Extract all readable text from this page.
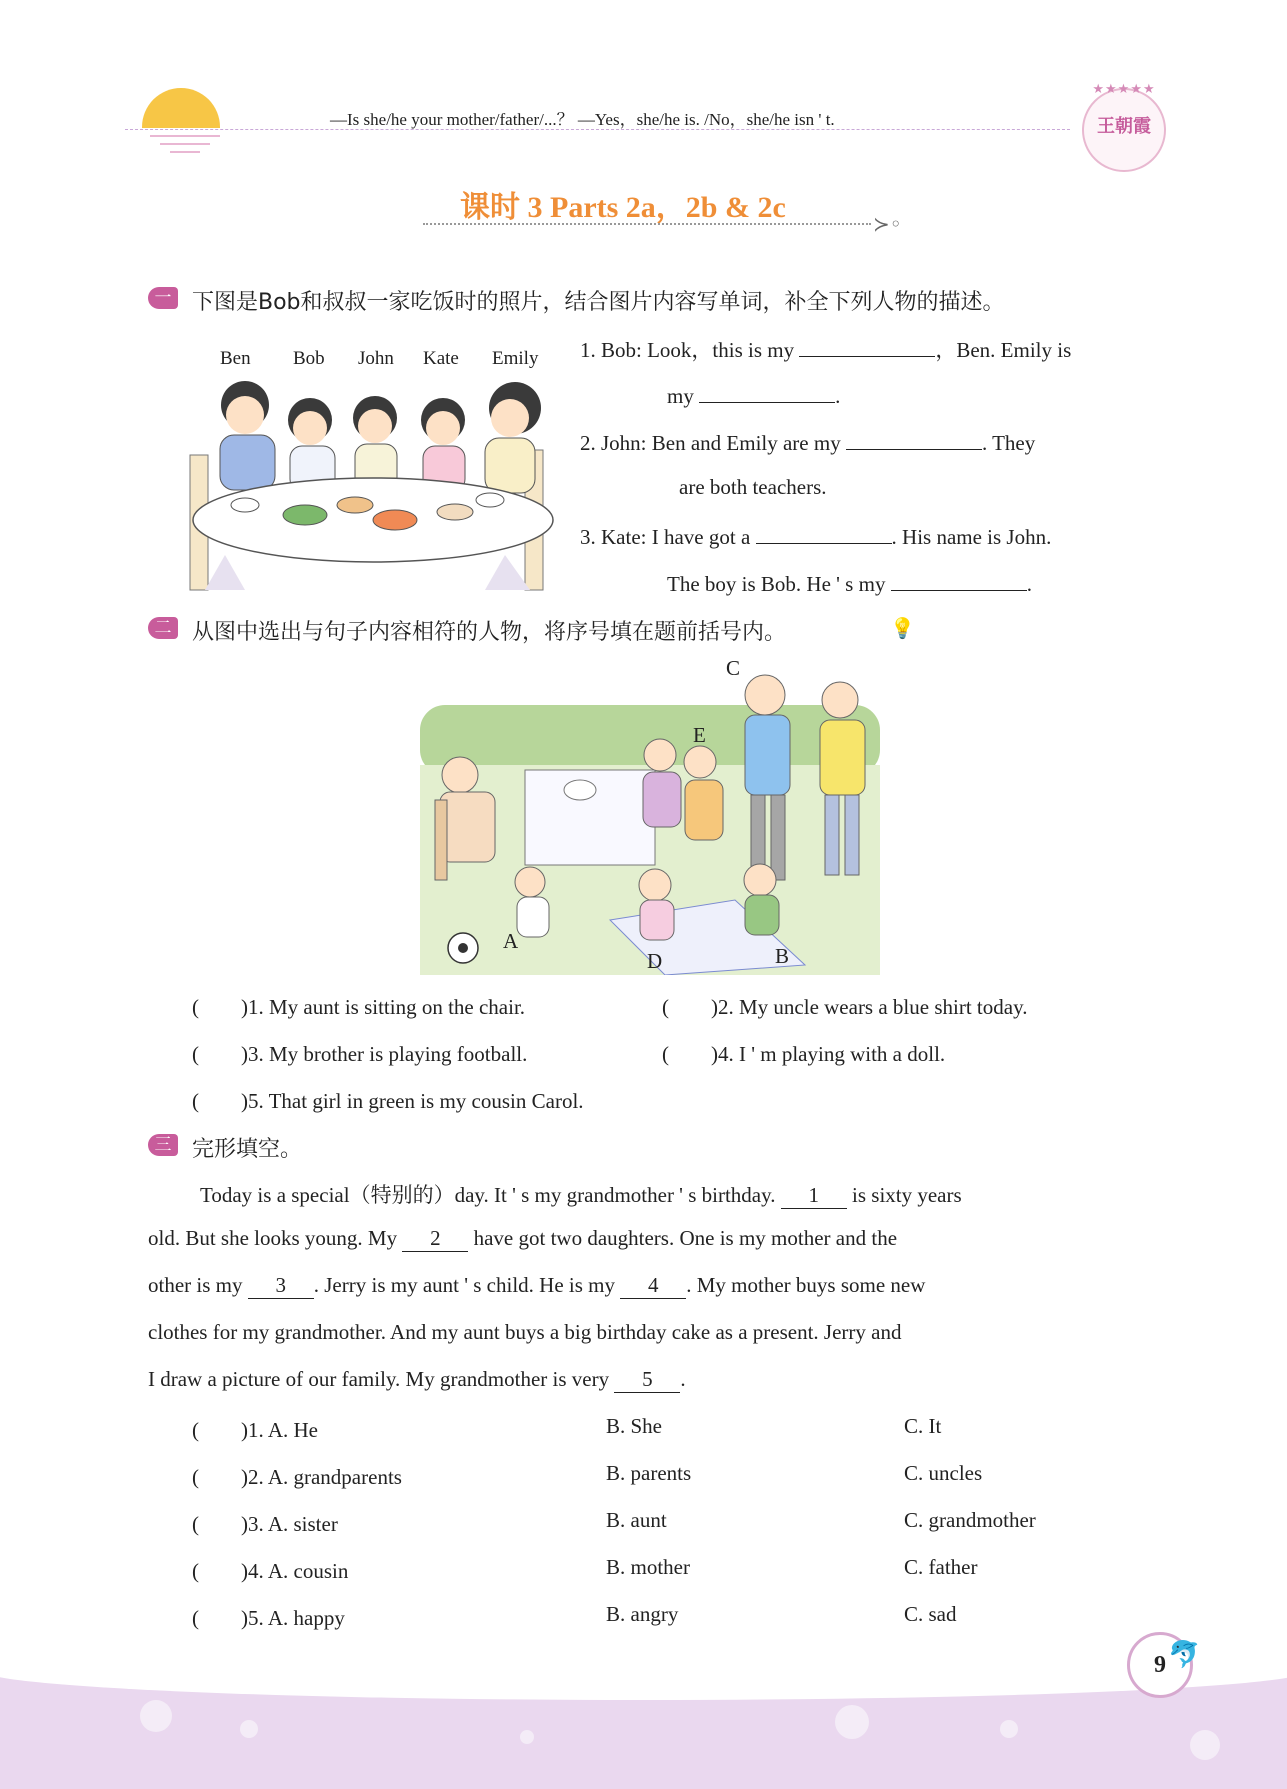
—Is she/he your mother/father/...？ —Yes，she/he is. /No，she/he isn ' t.
★★★★★
王朝霞
课时 3 Parts 2a，2b & 2c	≻◦
一 下图是Bob和叔叔一家吃饭时的照片，结合图片内容写单词，补全下列人物的描述。
Ben Bob John Kate Emily 1. Bob: Look，this is my	，Ben. Emily is
my	.
2. John: Ben and Emily are my	. They
are both teachers.
3. Kate: I have got a	. His name is John.
The boy is Bob. He ' s my	.
二 从图中选出与句子内容相符的人物，将序号填在题前括号内。	💡
A
B
C
D
E
(　　)1. My aunt is sitting on the chair.	(　　)2. My uncle wears a blue shirt today.
(　　)3. My brother is playing football.	(　　)4. I ' m playing with a doll.
(　　)5. That girl in green is my cousin Carol.
三 完形填空。
Today is a special（特别的）day. It ' s my grandmother ' s birthday. 1 is sixty years
old. But she looks young. My 2 have got two daughters. One is my mother and the
other is my 3 . Jerry is my aunt ' s child. He is my 4 . My mother buys some new
clothes for my grandmother. And my aunt buys a big birthday cake as a present. Jerry and
I draw a picture of our family. My grandmother is very 5 .
(　　)1. A. He	B. She	C. It
(　　)2. A. grandparents	B. parents	C. uncles
(　　)3. A. sister	B. aunt	C. grandmother
(　　)4. A. cousin	B. mother	C. father
(　　)5. A. happy	B. angry	C. sad
9 🐬
